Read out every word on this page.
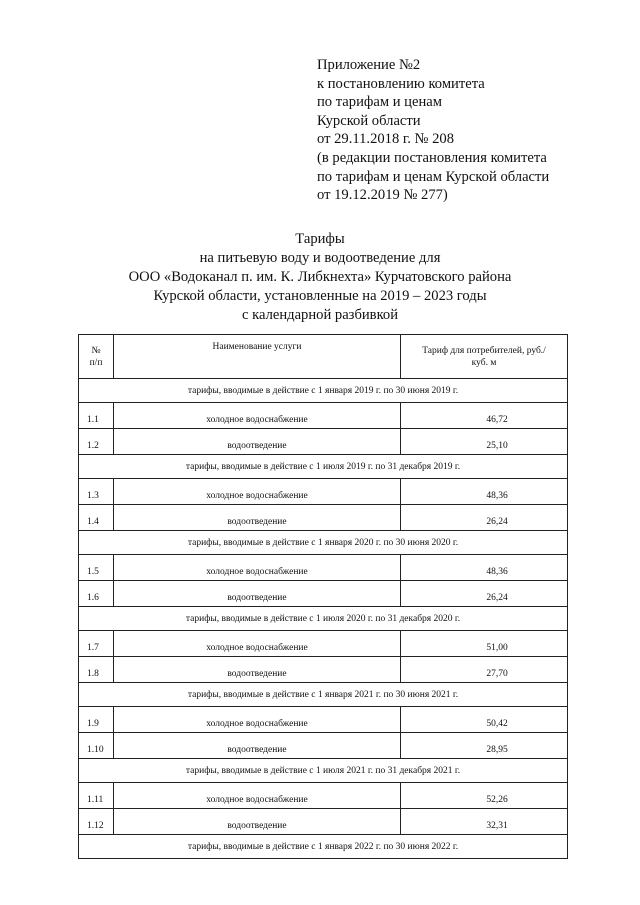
Приложение №2
к постановлению комитета
по тарифам и ценам
Курской области
от 29.11.2018 г. № 208
(в редакции постановления комитета
по тарифам и ценам Курской области
от 19.12.2019 № 277)
Тарифы
на питьевую воду и водоотведение для
ООО «Водоканал п. им. К. Либкнехта» Курчатовского района
Курской области, установленные на 2019 – 2023 годы
с календарной разбивкой
№ п/п	Наименование услуги	Тариф для потребителей, руб./куб. м
тарифы, вводимые в действие с 1 января 2019 г. по 30 июня 2019 г.		
1.1	холодное водоснабжение	46,72
1.2	водоотведение	25,10
тарифы, вводимые в действие с 1 июля 2019 г. по 31 декабря 2019 г.		
1.3	холодное водоснабжение	48,36
1.4	водоотведение	26,24
тарифы, вводимые в действие с 1 января 2020 г. по 30 июня 2020 г.		
1.5	холодное водоснабжение	48,36
1.6	водоотведение	26,24
тарифы, вводимые в действие с 1 июля 2020 г. по 31 декабря 2020 г.		
1.7	холодное водоснабжение	51,00
1.8	водоотведение	27,70
тарифы, вводимые в действие с 1 января 2021 г. по 30 июня 2021 г.		
1.9	холодное водоснабжение	50,42
1.10	водоотведение	28,95
тарифы, вводимые в действие с 1 июля 2021 г. по 31 декабря 2021 г.		
1.11	холодное водоснабжение	52,26
1.12	водоотведение	32,31
тарифы, вводимые в действие с 1 января 2022 г. по 30 июня 2022 г.		
